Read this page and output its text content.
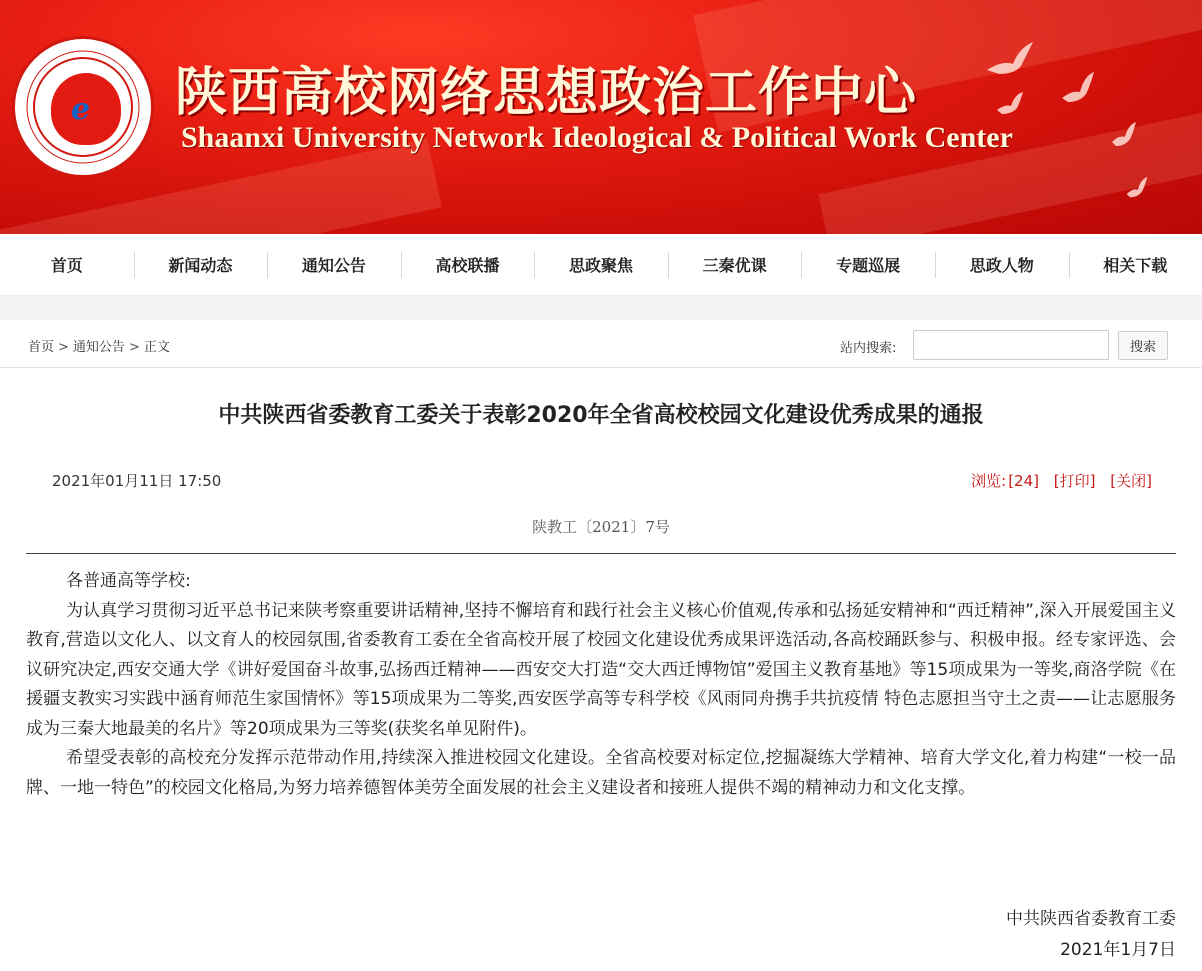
★ e 陕西高校网络思想政治工作中心
Shaanxi University Network Ideological & Political Work Center
首页	新闻动态	通知公告	高校联播	思政聚焦	三秦优课	专题巡展	思政人物	相关下载
首页 > 通知公告 > 正文	站内搜索:	搜索
中共陕西省委教育工委关于表彰2020年全省高校校园文化建设优秀成果的通报
2021年01月11日 17:50	浏览: [24] [打印] [关闭]
陕教工〔2021〕7号

各普通高等学校:

为认真学习贯彻习近平总书记来陕考察重要讲话精神,坚持不懈培育和践行社会主义核心价值观,传承和弘扬延安精神和“西迁精神”,深入开展爱国主义教育,营造以文化人、以文育人的校园氛围,省委教育工委在全省高校开展了校园文化建设优秀成果评选活动,各高校踊跃参与、积极申报。经专家评选、会议研究决定,西安交通大学《讲好爱国奋斗故事,弘扬西迁精神——西安交大打造“交大西迁博物馆”爱国主义教育基地》等15项成果为一等奖,商洛学院《在援疆支教实习实践中涵育师范生家国情怀》等15项成果为二等奖,西安医学高等专科学校《风雨同舟携手共抗疫情 特色志愿担当守土之责——让志愿服务成为三秦大地最美的名片》等20项成果为三等奖(获奖名单见附件)。

希望受表彰的高校充分发挥示范带动作用,持续深入推进校园文化建设。全省高校要对标定位,挖掘凝练大学精神、培育大学文化,着力构建“一校一品牌、一地一特色”的校园文化格局,为努力培养德智体美劳全面发展的社会主义建设者和接班人提供不竭的精神动力和文化支撑。

中共陕西省委教育工委
2021年1月7日
